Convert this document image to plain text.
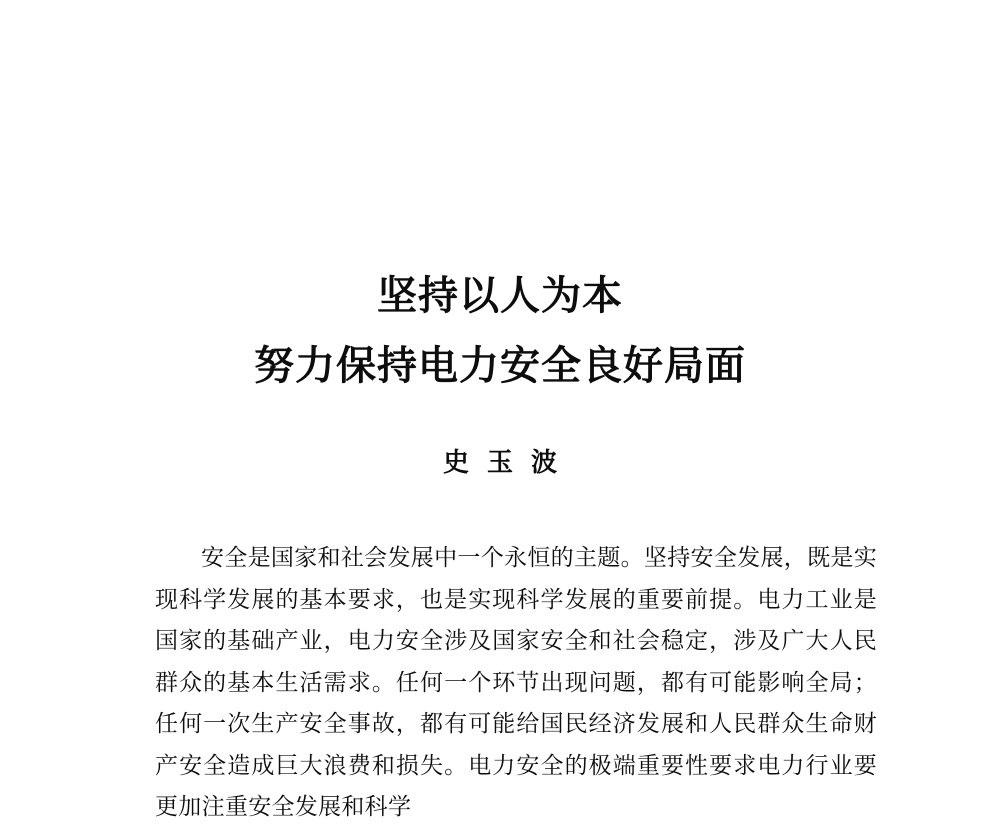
坚持以人为本
努力保持电力安全良好局面
史玉波

安全是国家和社会发展中一个永恒的主题。坚持安全发展，既是实现科学发展的基本要求，也是实现科学发展的重要前提。电力工业是国家的基础产业，电力安全涉及国家安全和社会稳定，涉及广大人民群众的基本生活需求。任何一个环节出现问题，都有可能影响全局；任何一次生产安全事故，都有可能给国民经济发展和人民群众生命财产安全造成巨大浪费和损失。电力安全的极端重要性要求电力行业要更加注重安全发展和科学
